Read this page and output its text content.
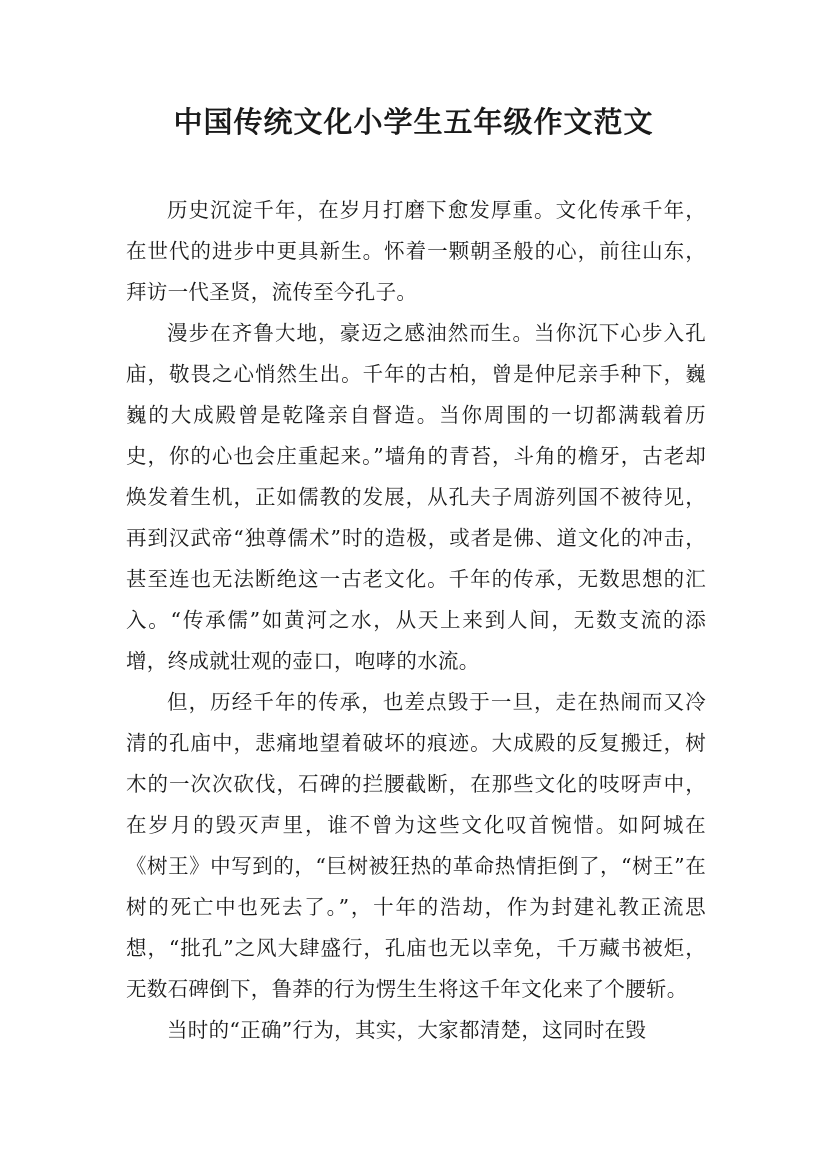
中国传统文化小学生五年级作文范文

历史沉淀千年，在岁月打磨下愈发厚重。文化传承千年，在世代的进步中更具新生。怀着一颗朝圣般的心，前往山东，拜访一代圣贤，流传至今孔子。

漫步在齐鲁大地，豪迈之感油然而生。当你沉下心步入孔庙，敬畏之心悄然生出。千年的古柏，曾是仲尼亲手种下，巍巍的大成殿曾是乾隆亲自督造。当你周围的一切都满载着历史，你的心也会庄重起来。”墙角的青苔，斗角的檐牙，古老却焕发着生机，正如儒教的发展，从孔夫子周游列国不被待见，再到汉武帝“独尊儒术”时的造极，或者是佛、道文化的冲击，甚至连也无法断绝这一古老文化。千年的传承，无数思想的汇入。“传承儒”如黄河之水，从天上来到人间，无数支流的添增，终成就壮观的壶口，咆哮的水流。

但，历经千年的传承，也差点毁于一旦，走在热闹而又冷清的孔庙中，悲痛地望着破坏的痕迹。大成殿的反复搬迁，树木的一次次砍伐，石碑的拦腰截断，在那些文化的吱呀声中，在岁月的毁灭声里，谁不曾为这些文化叹首惋惜。如阿城在《树王》中写到的，“巨树被狂热的革命热情拒倒了，“树王”在树的死亡中也死去了。”，十年的浩劫，作为封建礼教正流思想，“批孔”之风大肆盛行，孔庙也无以幸免，千万藏书被炬，无数石碑倒下，鲁莽的行为愣生生将这千年文化来了个腰斩。

当时的“正确”行为，其实，大家都清楚，这同时在毁
